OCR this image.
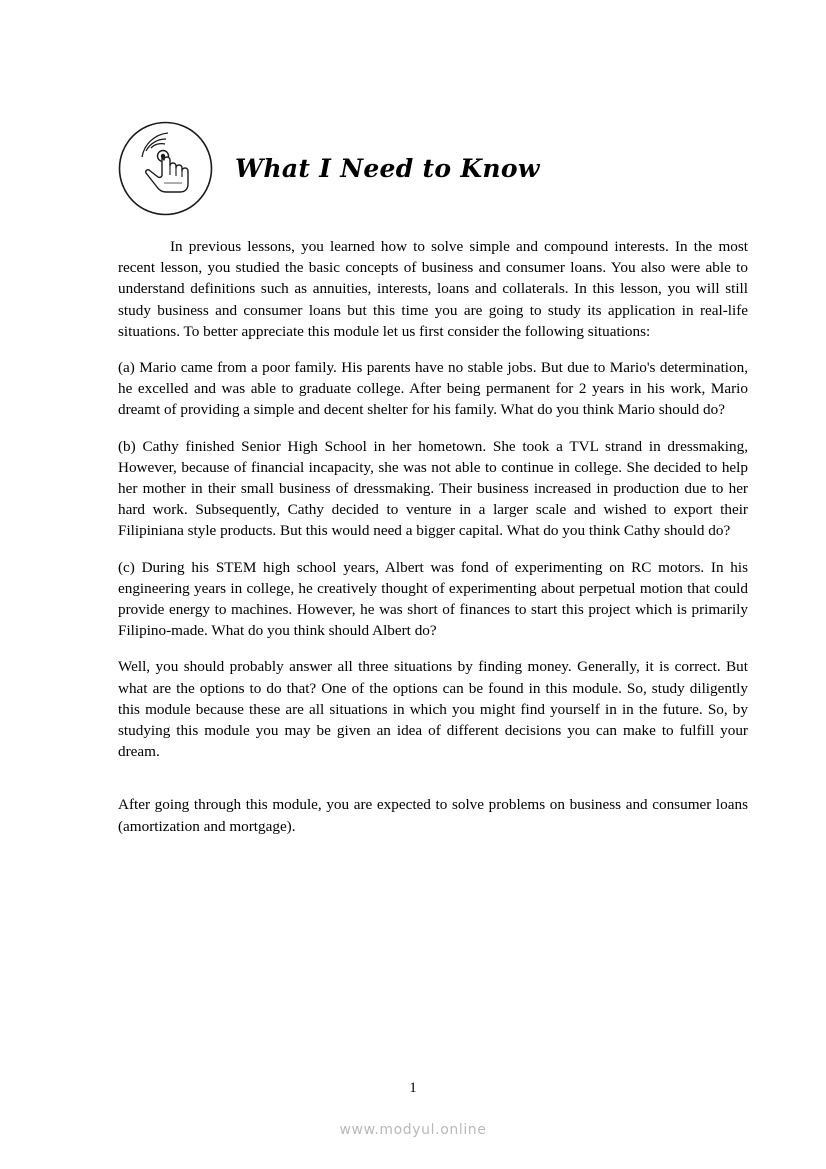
What I Need to Know

In previous lessons, you learned how to solve simple and compound interests. In the most recent lesson, you studied the basic concepts of business and consumer loans. You also were able to understand definitions such as annuities, interests, loans and collaterals. In this lesson, you will still study business and consumer loans but this time you are going to study its application in real-life situations. To better appreciate this module let us first consider the following situations:

(a) Mario came from a poor family. His parents have no stable jobs. But due to Mario's determination, he excelled and was able to graduate college. After being permanent for 2 years in his work, Mario dreamt of providing a simple and decent shelter for his family. What do you think Mario should do?

(b) Cathy finished Senior High School in her hometown. She took a TVL strand in dressmaking, However, because of financial incapacity, she was not able to continue in college. She decided to help her mother in their small business of dressmaking. Their business increased in production due to her hard work. Subsequently, Cathy decided to venture in a larger scale and wished to export their Filipiniana style products. But this would need a bigger capital. What do you think Cathy should do?

(c) During his STEM high school years, Albert was fond of experimenting on RC motors. In his engineering years in college, he creatively thought of experimenting about perpetual motion that could provide energy to machines. However, he was short of finances to start this project which is primarily Filipino-made. What do you think should Albert do?

Well, you should probably answer all three situations by finding money. Generally, it is correct. But what are the options to do that? One of the options can be found in this module. So, study diligently this module because these are all situations in which you might find yourself in in the future. So, by studying this module you may be given an idea of different decisions you can make to fulfill your dream.

After going through this module, you are expected to solve problems on business and consumer loans (amortization and mortgage).

1
www.modyul.online
